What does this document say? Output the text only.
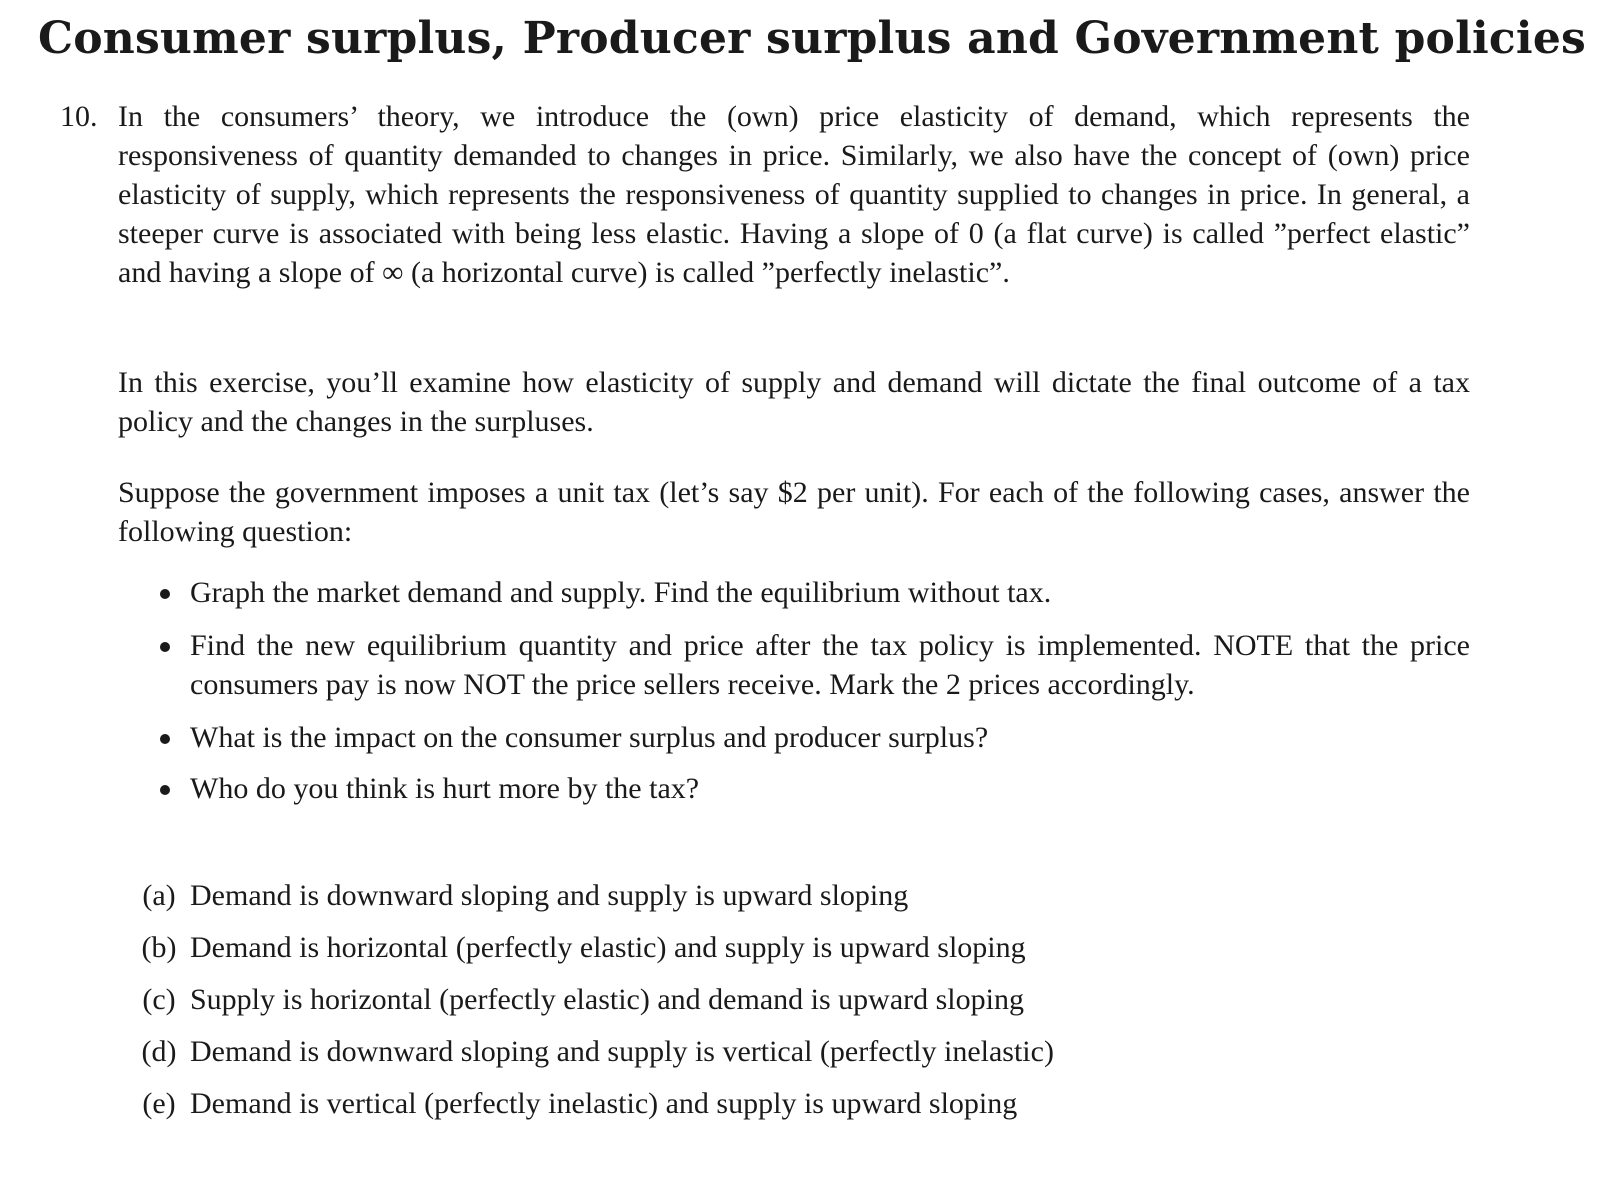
Consumer surplus, Producer surplus and Government policies
10. In the consumers’ theory, we introduce the (own) price elasticity of demand, which represents the responsiveness of quantity demanded to changes in price. Similarly, we also have the concept of (own) price elasticity of supply, which represents the responsiveness of quantity supplied to changes in price. In general, a steeper curve is associated with being less elastic. Having a slope of 0 (a flat curve) is called ”perfect elastic” and having a slope of ∞ (a horizontal curve) is called ”perfectly inelastic”.

In this exercise, you’ll examine how elasticity of supply and demand will dictate the final outcome of a tax policy and the changes in the surpluses.

Suppose the government imposes a unit tax (let’s say $2 per unit). For each of the following cases, answer the following question:

Graph the market demand and supply. Find the equilibrium without tax.
Find the new equilibrium quantity and price after the tax policy is implemented. NOTE that the price consumers pay is now NOT the price sellers receive. Mark the 2 prices accordingly.
What is the impact on the consumer surplus and producer surplus?
Who do you think is hurt more by the tax?
(a) Demand is downward sloping and supply is upward sloping
(b) Demand is horizontal (perfectly elastic) and supply is upward sloping
(c) Supply is horizontal (perfectly elastic) and demand is upward sloping
(d) Demand is downward sloping and supply is vertical (perfectly inelastic)
(e) Demand is vertical (perfectly inelastic) and supply is upward sloping
